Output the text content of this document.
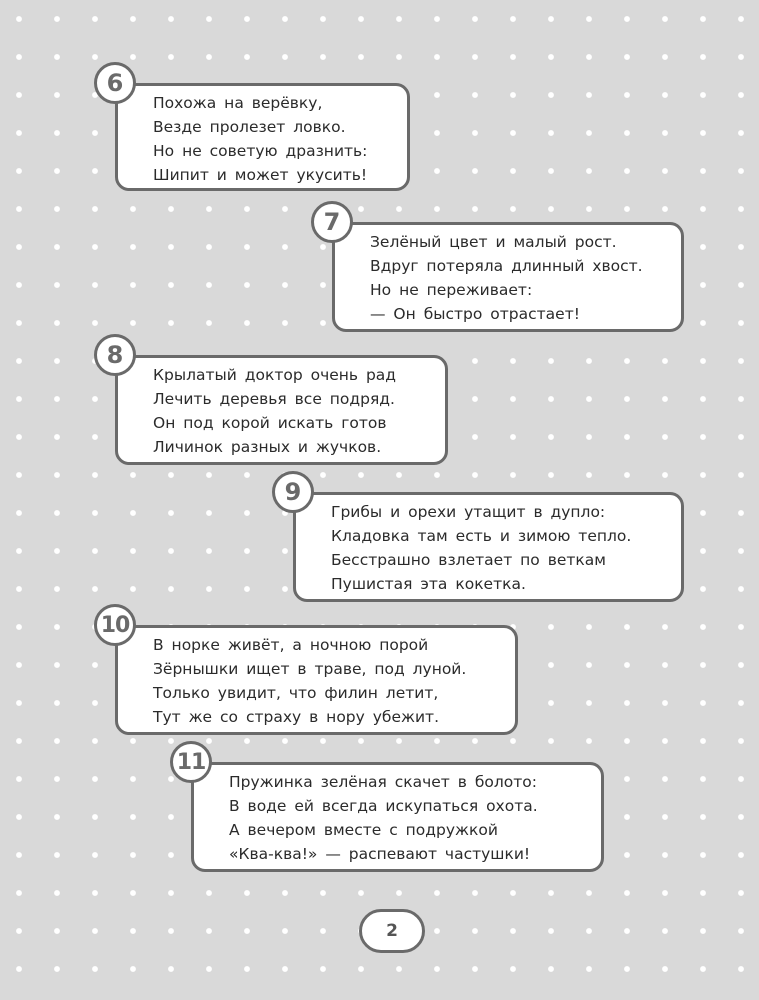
6
Похожа на верёвку,
Везде пролезет ловко.
Но не советую дразнить:
Шипит и может укусить!
7
Зелёный цвет и малый рост.
Вдруг потеряла длинный хвост.
Но не переживает:
— Он быстро отрастает!
8
Крылатый доктор очень рад
Лечить деревья все подряд.
Он под корой искать готов
Личинок разных и жучков.
9
Грибы и орехи утащит в дупло:
Кладовка там есть и зимою тепло.
Бесстрашно взлетает по веткам
Пушистая эта кокетка.
10
В норке живёт, а ночною порой
Зёрнышки ищет в траве, под луной.
Только увидит, что филин летит,
Тут же со страху в нору убежит.
11
Пружинка зелёная скачет в болото:
В воде ей всегда искупаться охота.
А вечером вместе с подружкой
«Ква-ква!» — распевают частушки!
2
